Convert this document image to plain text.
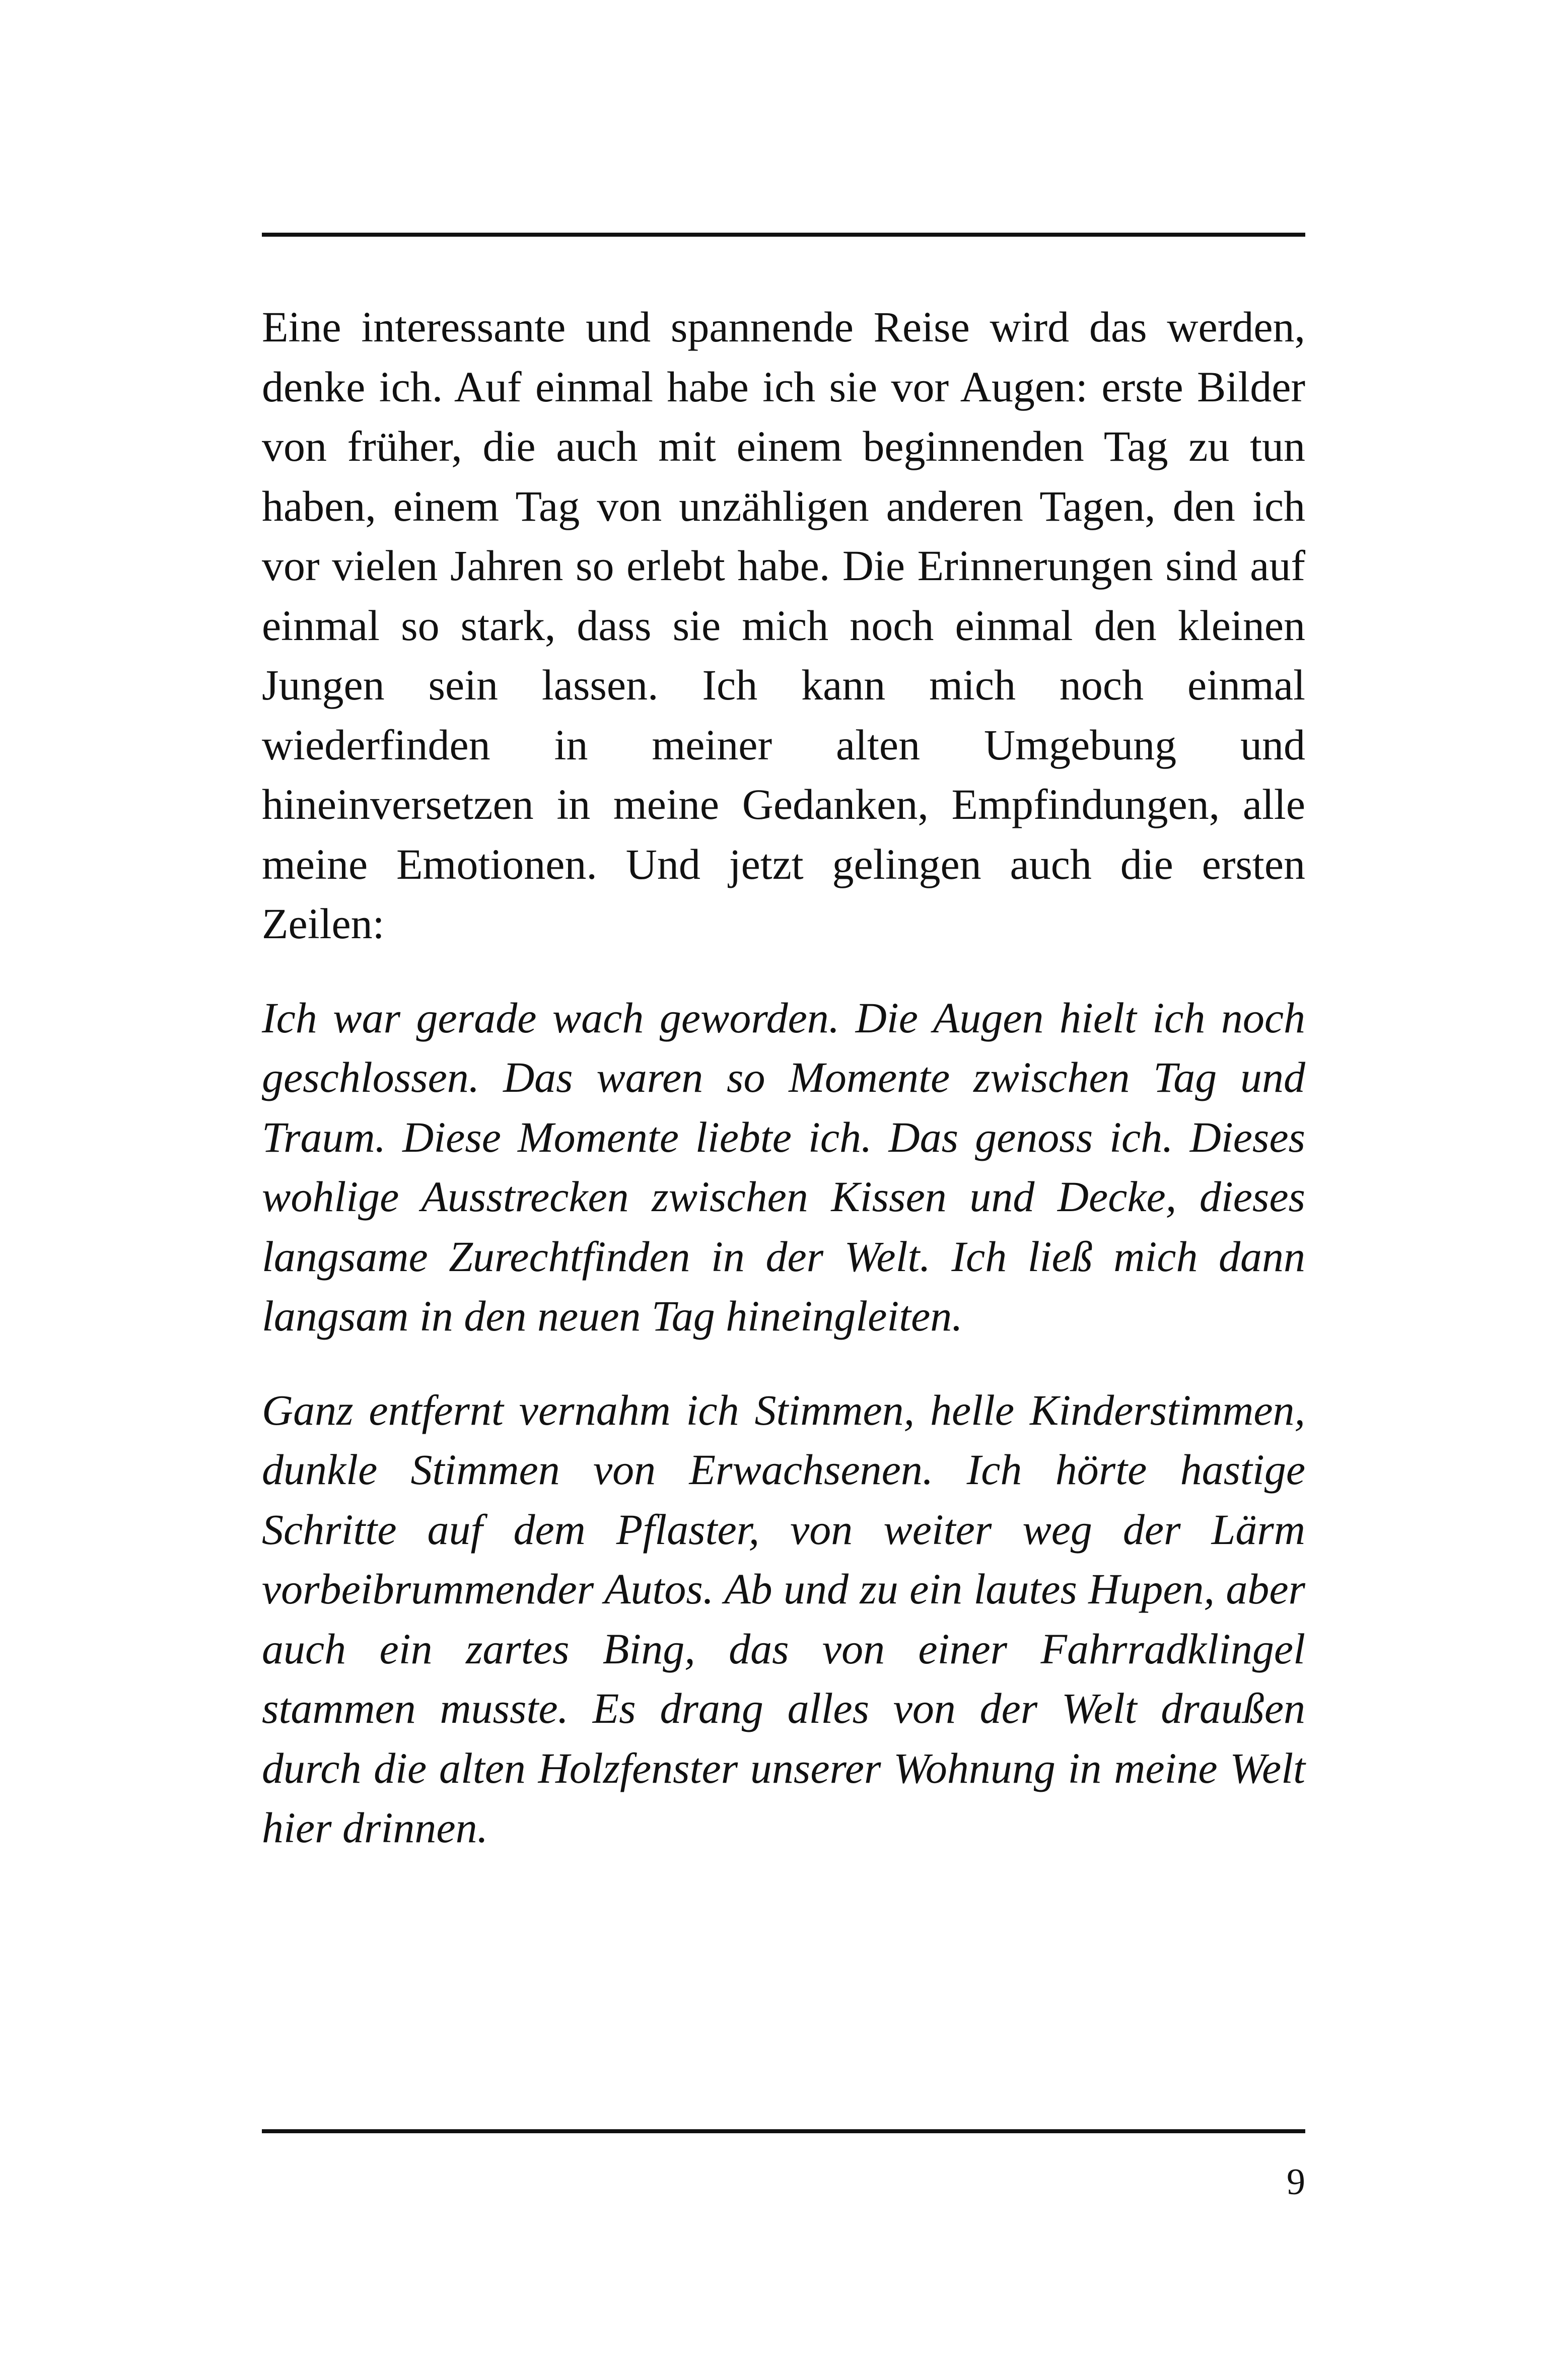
Eine interessante und spannende Reise wird das werden, denke ich. Auf einmal habe ich sie vor Augen: erste Bilder von früher, die auch mit einem beginnenden Tag zu tun haben, einem Tag von unzähligen anderen Tagen, den ich vor vielen Jahren so erlebt habe. Die Erinnerungen sind auf einmal so stark, dass sie mich noch einmal den kleinen Jungen sein lassen. Ich kann mich noch einmal wiederfinden in meiner alten Umgebung und hineinversetzen in meine Gedanken, Empfindungen, alle meine Emotionen. Und jetzt gelingen auch die ersten Zeilen:

Ich war gerade wach geworden. Die Augen hielt ich noch geschlossen. Das waren so Momente zwischen Tag und Traum. Diese Momente liebte ich. Das genoss ich. Dieses wohlige Ausstrecken zwischen Kissen und Decke, dieses langsame Zurechtfinden in der Welt. Ich ließ mich dann langsam in den neuen Tag hineingleiten.

Ganz entfernt vernahm ich Stimmen, helle Kinderstimmen, dunkle Stimmen von Erwachsenen. Ich hörte hastige Schritte auf dem Pflaster, von weiter weg der Lärm vorbeibrummender Autos. Ab und zu ein lautes Hupen, aber auch ein zartes Bing, das von einer Fahrradklingel stammen musste. Es drang alles von der Welt draußen durch die alten Holzfenster unserer Wohnung in meine Welt hier drinnen.

9
